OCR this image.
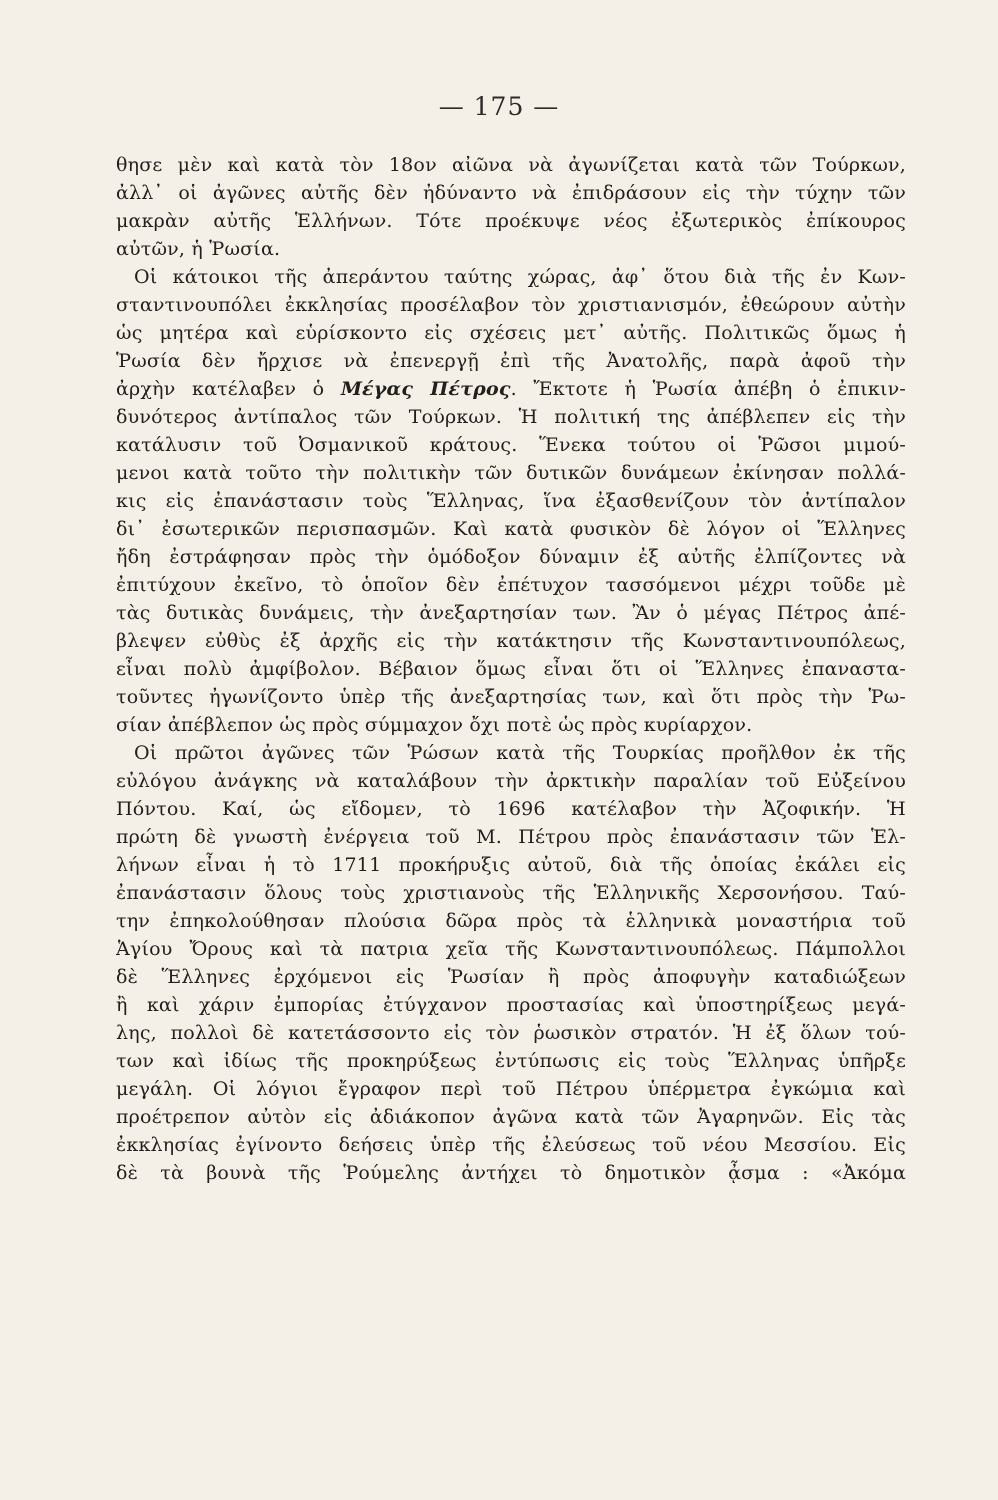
— 175 —
θησε μὲν καὶ κατὰ τὸν 18ον αἰῶνα νὰ ἀγωνίζεται κατὰ τῶν Τούρκων,
ἀλλ᾽ οἱ ἀγῶνες αὐτῆς δὲν ἠδύναντο νὰ ἐπιδράσουν εἰς τὴν τύχην τῶν
μακρὰν αὐτῆς Ἑλλήνων. Τότε προέκυψε νέος ἐξωτερικὸς ἐπίκουρος
αὐτῶν, ἡ Ῥωσία.
Οἱ κάτοικοι τῆς ἀπεράντου ταύτης χώρας, ἀφ᾽ ὅτου διὰ τῆς ἐν Κων-
σταντινουπόλει ἐκκλησίας προσέλαβον τὸν χριστιανισμόν, ἐθεώρουν αὐτὴν
ὡς μητέρα καὶ εὑρίσκοντο εἰς σχέσεις μετ᾽ αὐτῆς. Πολιτικῶς ὅμως ἡ
Ῥωσία δὲν ἤρχισε νὰ ἐπενεργῇ ἐπὶ τῆς Ἀνατολῆς, παρὰ ἀφοῦ τὴν
ἀρχὴν κατέλαβεν ὁ Μέγας Πέτρος. Ἔκτοτε ἡ Ῥωσία ἀπέβη ὁ ἐπικιν-
δυνότερος ἀντίπαλος τῶν Τούρκων. Ἡ πολιτική της ἀπέβλεπεν εἰς τὴν
κατάλυσιν τοῦ Ὀσμανικοῦ κράτους. Ἕνεκα τούτου οἱ Ῥῶσοι μιμού-
μενοι κατὰ τοῦτο τὴν πολιτικὴν τῶν δυτικῶν δυνάμεων ἐκίνησαν πολλά-
κις εἰς ἐπανάστασιν τοὺς Ἕλληνας, ἵνα ἐξασθενίζουν τὸν ἀντίπαλον
δι᾽ ἐσωτερικῶν περισπασμῶν. Καὶ κατὰ φυσικὸν δὲ λόγον οἱ Ἕλληνες
ἤδη ἐστράφησαν πρὸς τὴν ὁμόδοξον δύναμιν ἐξ αὐτῆς ἐλπίζοντες νὰ
ἐπιτύχουν ἐκεῖνο, τὸ ὁποῖον δὲν ἐπέτυχον τασσόμενοι μέχρι τοῦδε μὲ
τὰς δυτικὰς δυνάμεις, τὴν ἀνεξαρτησίαν των. Ἂν ὁ μέγας Πέτρος ἀπέ-
βλεψεν εὐθὺς ἐξ ἀρχῆς εἰς τὴν κατάκτησιν τῆς Κωνσταντινουπόλεως,
εἶναι πολὺ ἀμφίβολον. Βέβαιον ὅμως εἶναι ὅτι οἱ Ἕλληνες ἐπαναστα-
τοῦντες ἠγωνίζοντο ὑπὲρ τῆς ἀνεξαρτησίας των, καὶ ὅτι πρὸς τὴν Ῥω-
σίαν ἀπέβλεπον ὡς πρὸς σύμμαχον ὄχι ποτὲ ὡς πρὸς κυρίαρχον.
Οἱ πρῶτοι ἀγῶνες τῶν Ῥώσων κατὰ τῆς Τουρκίας προῆλθον ἐκ τῆς
εὐλόγου ἀνάγκης νὰ καταλάβουν τὴν ἀρκτικὴν παραλίαν τοῦ Εὐξείνου
Πόντου. Καί, ὡς εἴδομεν, τὸ 1696 κατέλαβον τὴν Ἀζοφικήν. Ἡ
πρώτη δὲ γνωστὴ ἐνέργεια τοῦ Μ. Πέτρου πρὸς ἐπανάστασιν τῶν Ἑλ-
λήνων εἶναι ἡ τὸ 1711 προκήρυξις αὐτοῦ, διὰ τῆς ὁποίας ἐκάλει εἰς
ἐπανάστασιν ὅλους τοὺς χριστιανοὺς τῆς Ἑλληνικῆς Χερσονήσου. Ταύ-
την ἐπηκολούθησαν πλούσια δῶρα πρὸς τὰ ἑλληνικὰ μοναστήρια τοῦ
Ἁγίου Ὄρους καὶ τὰ πατρια χεῖα τῆς Κωνσταντινουπόλεως. Πάμπολλοι
δὲ Ἕλληνες ἐρχόμενοι εἰς Ῥωσίαν ἢ πρὸς ἀποφυγὴν καταδιώξεων
ἢ καὶ χάριν ἐμπορίας ἐτύγχανον προστασίας καὶ ὑποστηρίξεως μεγά-
λης, πολλοὶ δὲ κατετάσσοντο εἰς τὸν ῥωσικὸν στρατόν. Ἡ ἐξ ὅλων τού-
των καὶ ἰδίως τῆς προκηρύξεως ἐντύπωσις εἰς τοὺς Ἕλληνας ὑπῆρξε
μεγάλη. Οἱ λόγιοι ἔγραφον περὶ τοῦ Πέτρου ὑπέρμετρα ἐγκώμια καὶ
προέτρεπον αὐτὸν εἰς ἀδιάκοπον ἀγῶνα κατὰ τῶν Ἀγαρηνῶν. Εἰς τὰς
ἐκκλησίας ἐγίνοντο δεήσεις ὑπὲρ τῆς ἐλεύσεως τοῦ νέου Μεσσίου. Εἰς
δὲ τὰ βουνὰ τῆς Ῥούμελης ἀντήχει τὸ δημοτικὸν ᾆσμα : «Ἀκόμα
